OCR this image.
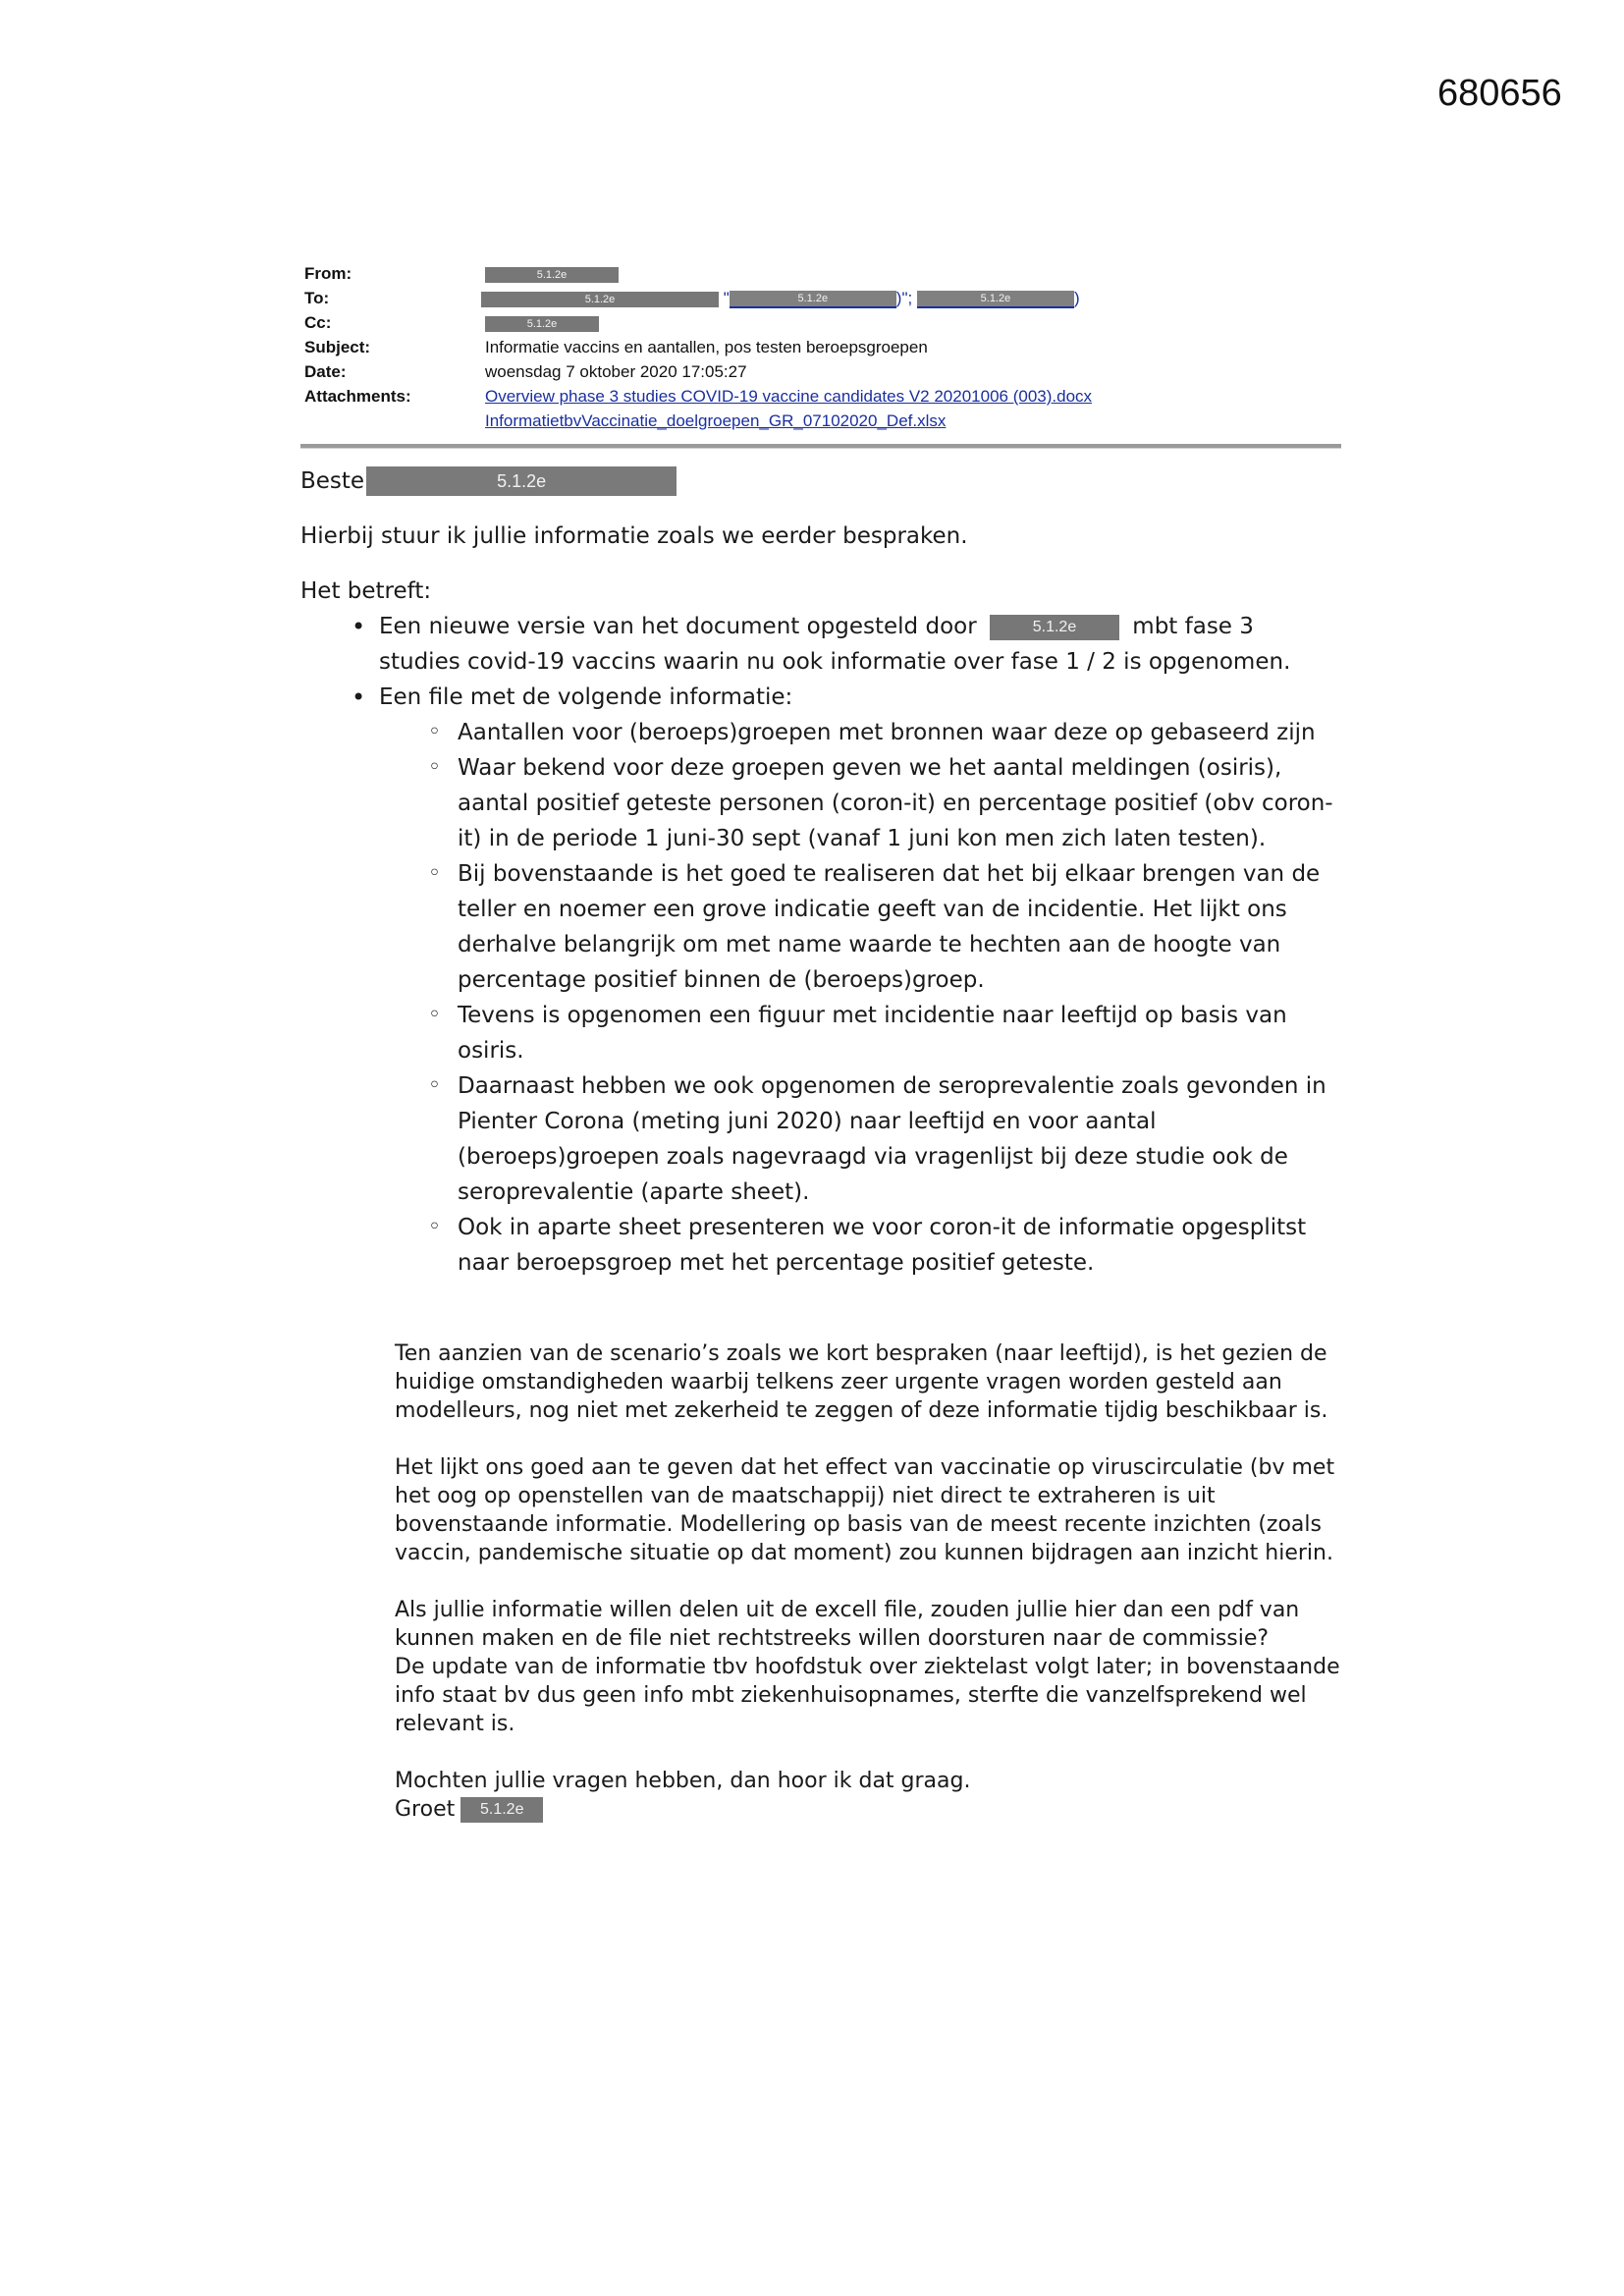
680656
From:	5.1.2e
To:	5.1.2e	"	5.1.2e	)";	5.1.2e	)
Cc:	5.1.2e
Subject:	Informatie vaccins en aantallen, pos testen beroepsgroepen
Date:	woensdag 7 oktober 2020 17:05:27
Attachments:	Overview phase 3 studies COVID-19 vaccine candidates V2 20201006 (003).docx
InformatietbvVaccinatie_doelgroepen_GR_07102020_Def.xlsx
Beste	5.1.2e

Hierbij stuur ik jullie informatie zoals we eerder bespraken.

Het betreft:

• Een nieuwe versie van het document opgesteld door	5.1.2e mbt fase 3 studies covid-19 vaccins waarin nu ook informatie over fase 1 / 2 is opgenomen.
• Een file met de volgende informatie:
◦ Aantallen voor (beroeps)groepen met bronnen waar deze op gebaseerd zijn
◦ Waar bekend voor deze groepen geven we het aantal meldingen (osiris), aantal positief geteste personen (coron-it) en percentage positief (obv coron-it) in de periode 1 juni-30 sept (vanaf 1 juni kon men zich laten testen).
◦ Bij bovenstaande is het goed te realiseren dat het bij elkaar brengen van de teller en noemer een grove indicatie geeft van de incidentie. Het lijkt ons derhalve belangrijk om met name waarde te hechten aan de hoogte van percentage positief binnen de (beroeps)groep.
◦ Tevens is opgenomen een figuur met incidentie naar leeftijd op basis van osiris.
◦ Daarnaast hebben we ook opgenomen de seroprevalentie zoals gevonden in Pienter Corona (meting juni 2020) naar leeftijd en voor aantal (beroeps)groepen zoals nagevraagd via vragenlijst bij deze studie ook de seroprevalentie (aparte sheet).
◦ Ook in aparte sheet presenteren we voor coron-it de informatie opgesplitst naar beroepsgroep met het percentage positief geteste.

Ten aanzien van de scenario’s zoals we kort bespraken (naar leeftijd), is het gezien de huidige omstandigheden waarbij telkens zeer urgente vragen worden gesteld aan modelleurs, nog niet met zekerheid te zeggen of deze informatie tijdig beschikbaar is.

Het lijkt ons goed aan te geven dat het effect van vaccinatie op viruscirculatie (bv met het oog op openstellen van de maatschappij) niet direct te extraheren is uit bovenstaande informatie. Modellering op basis van de meest recente inzichten (zoals vaccin, pandemische situatie op dat moment) zou kunnen bijdragen aan inzicht hierin.

Als jullie informatie willen delen uit de excell file, zouden jullie hier dan een pdf van kunnen maken en de file niet rechtstreeks willen doorsturen naar de commissie?

De update van de informatie tbv hoofdstuk over ziektelast volgt later; in bovenstaande info staat bv dus geen info mbt ziekenhuisopnames, sterfte die vanzelfsprekend wel relevant is.

Mochten jullie vragen hebben, dan hoor ik dat graag.

Groet	5.1.2e
